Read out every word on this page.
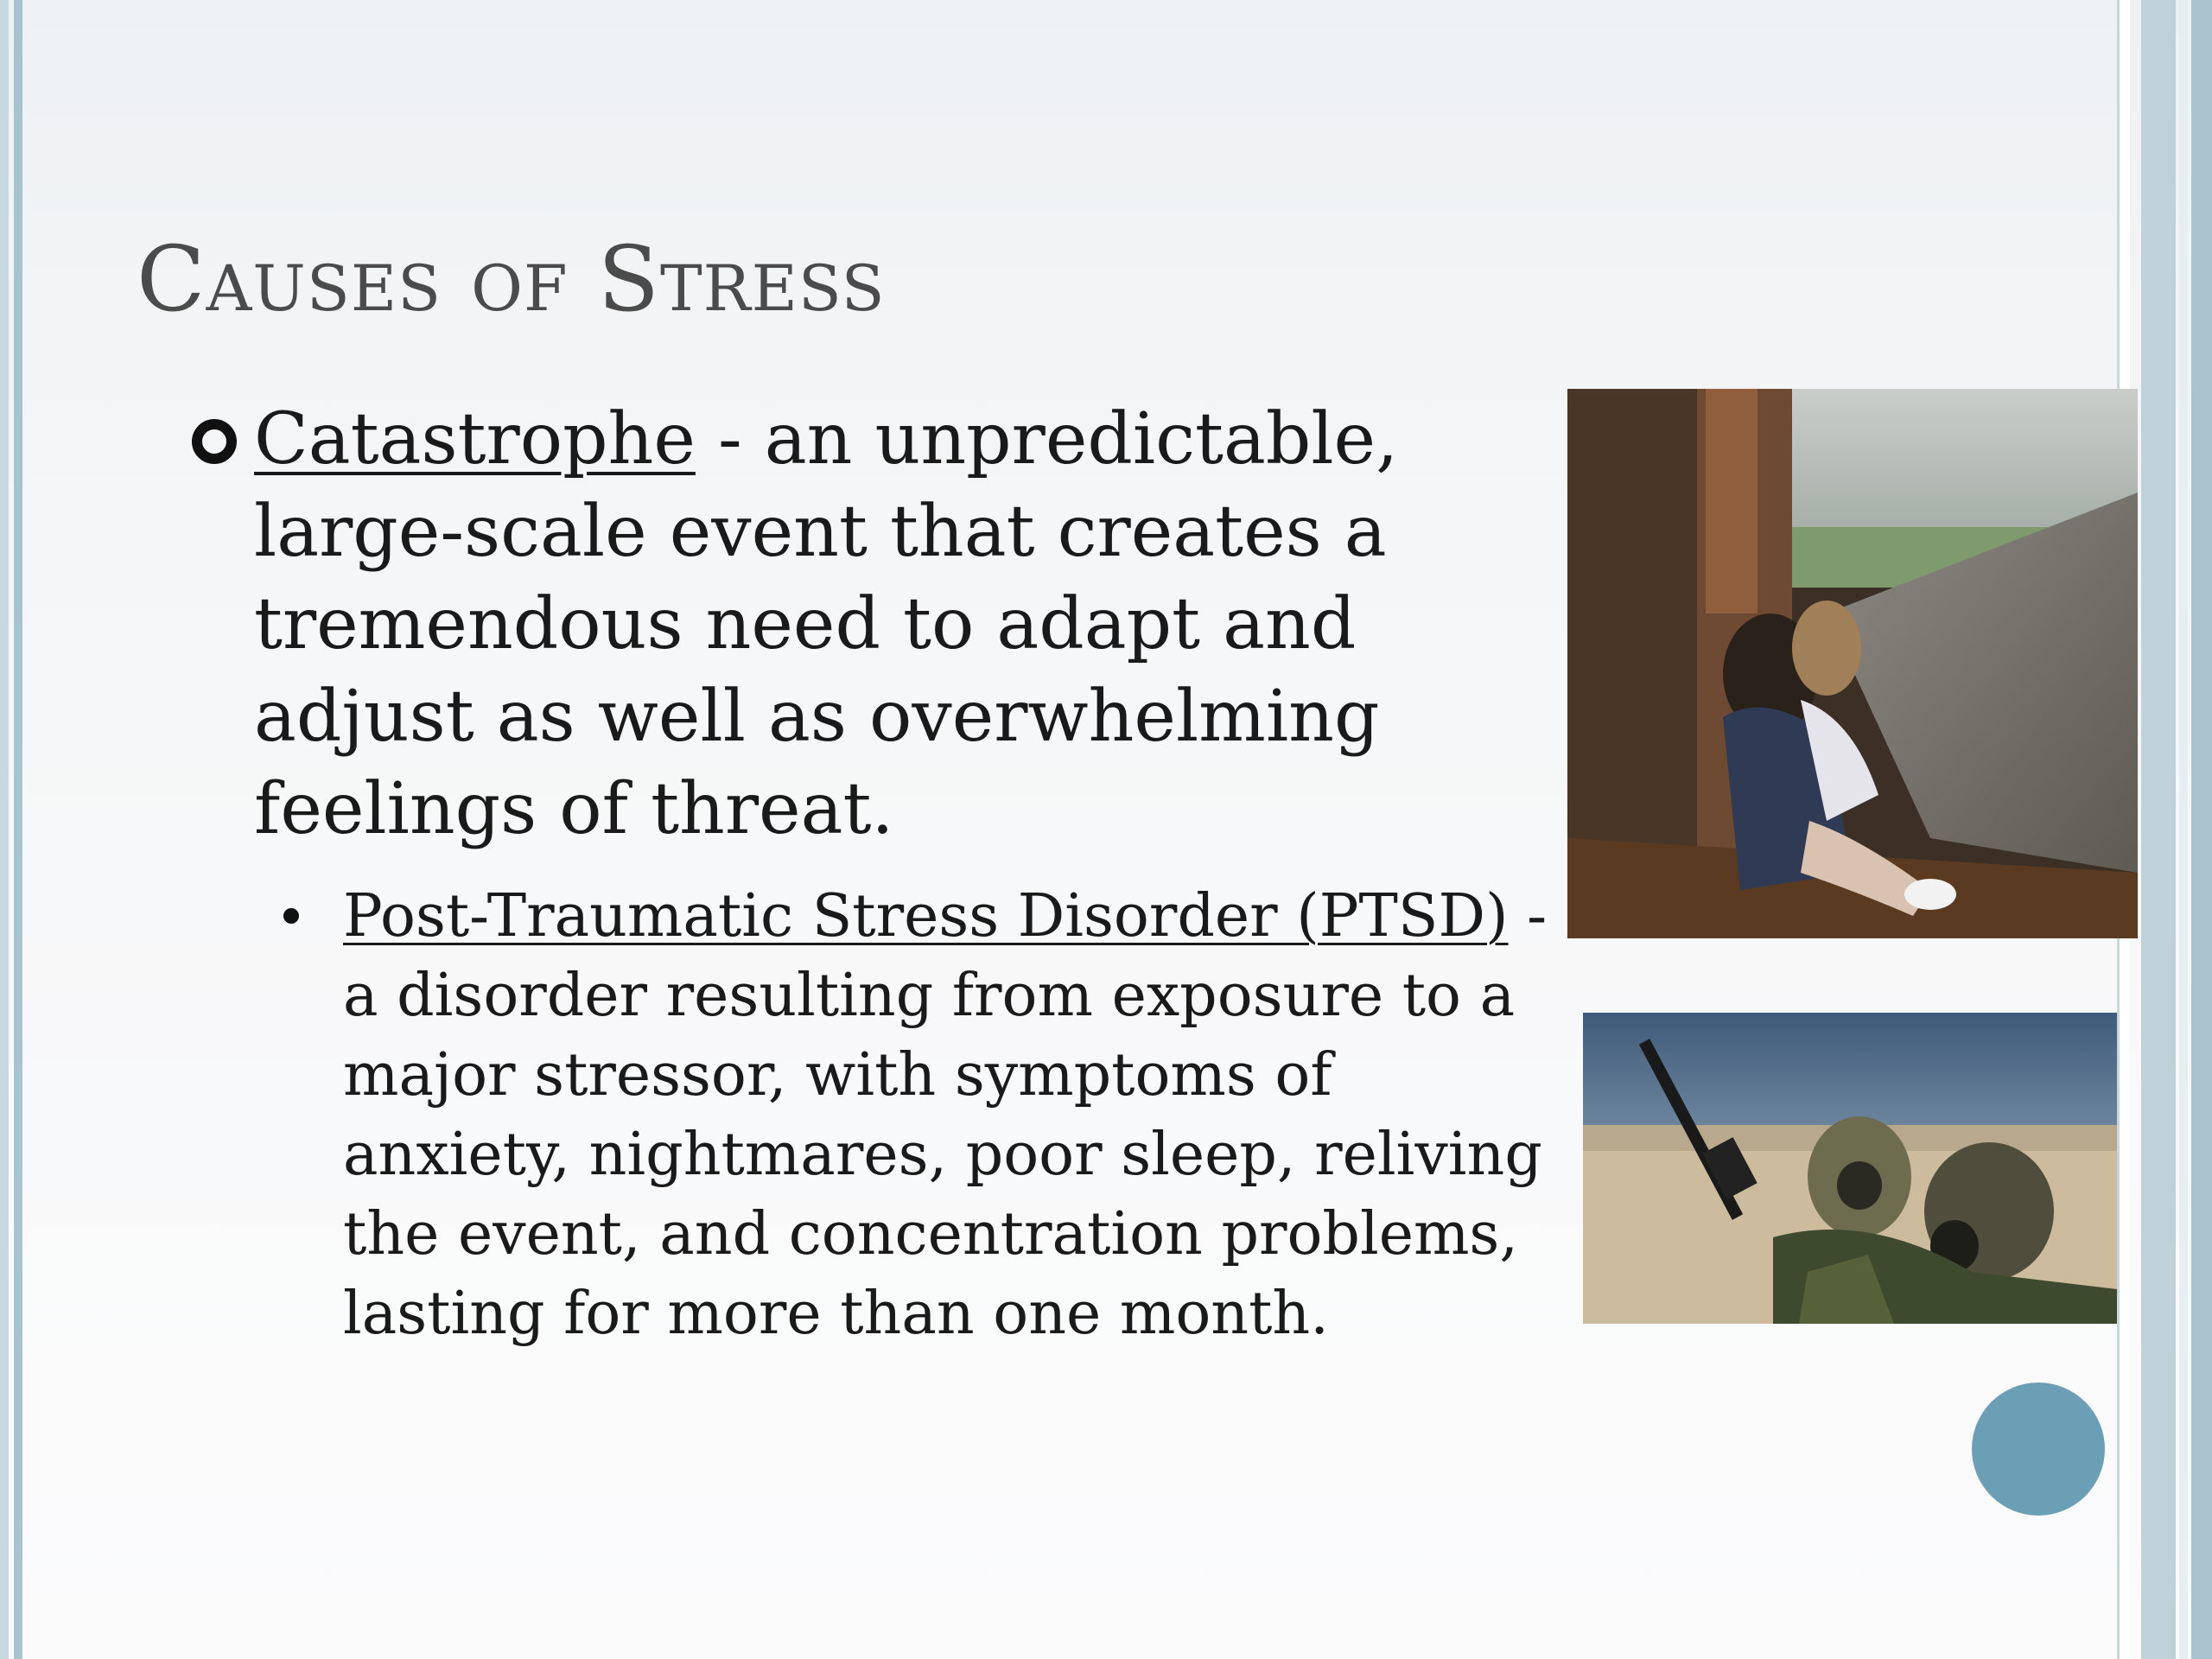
Causes of Stress

Catastrophe - an unpredictable, large-scale event that creates a tremendous need to adapt and adjust as well as overwhelming feelings of threat.

Post-Traumatic Stress Disorder (PTSD) - a disorder resulting from exposure to a major stressor, with symptoms of anxiety, nightmares, poor sleep, reliving the event, and concentration problems, lasting for more than one month.
